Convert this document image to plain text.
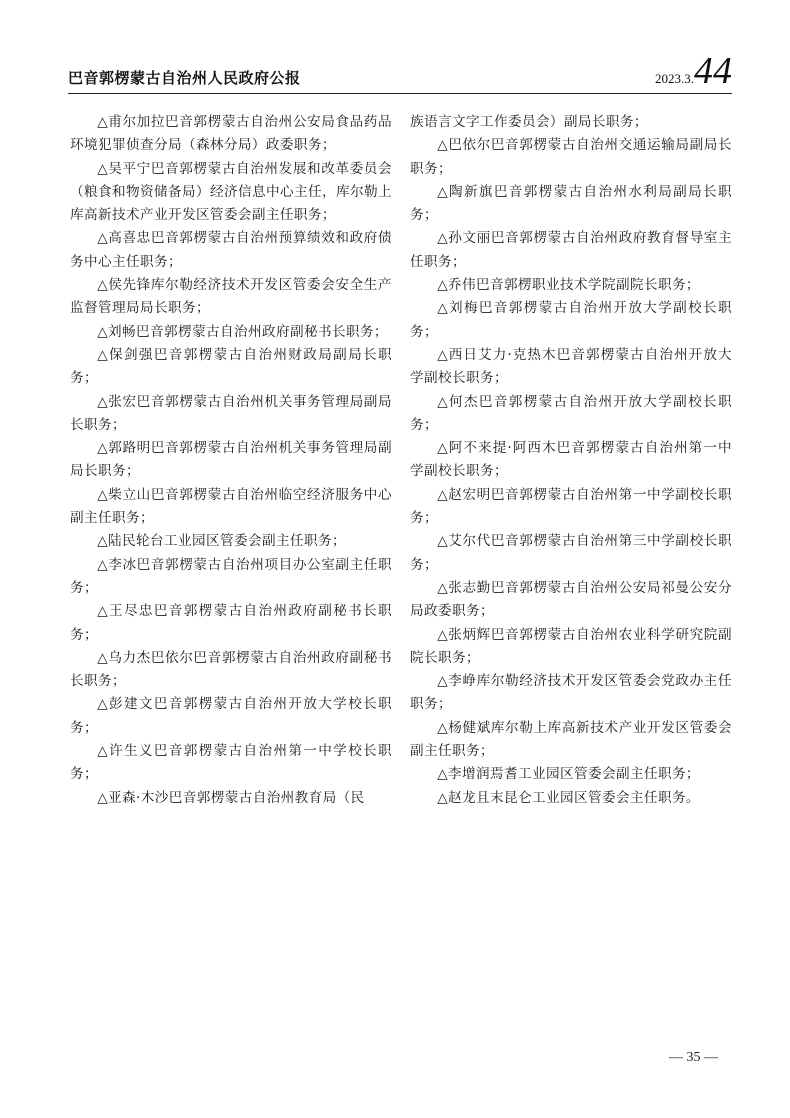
巴音郭楞蒙古自治州人民政府公报	2023.3.44

△甫尔加拉巴音郭楞蒙古自治州公安局食品药品环境犯罪侦查分局（森林分局）政委职务；

△吴平宁巴音郭楞蒙古自治州发展和改革委员会（粮食和物资储备局）经济信息中心主任，库尔勒上库高新技术产业开发区管委会副主任职务；

△高喜忠巴音郭楞蒙古自治州预算绩效和政府债务中心主任职务；

△侯先锋库尔勒经济技术开发区管委会安全生产监督管理局局长职务；

△刘畅巴音郭楞蒙古自治州政府副秘书长职务；

△保剑强巴音郭楞蒙古自治州财政局副局长职务；

△张宏巴音郭楞蒙古自治州机关事务管理局副局长职务；

△郭路明巴音郭楞蒙古自治州机关事务管理局副局长职务；

△柴立山巴音郭楞蒙古自治州临空经济服务中心副主任职务；

△陆民轮台工业园区管委会副主任职务；

△李冰巴音郭楞蒙古自治州项目办公室副主任职务；

△王尽忠巴音郭楞蒙古自治州政府副秘书长职务；

△乌力杰巴依尔巴音郭楞蒙古自治州政府副秘书长职务；

△彭建文巴音郭楞蒙古自治州开放大学校长职务；

△许生义巴音郭楞蒙古自治州第一中学校长职务；

△亚森·木沙巴音郭楞蒙古自治州教育局（民

族语言文字工作委员会）副局长职务；

△巴依尔巴音郭楞蒙古自治州交通运输局副局长职务；

△陶新旗巴音郭楞蒙古自治州水利局副局长职务；

△孙文丽巴音郭楞蒙古自治州政府教育督导室主任职务；

△乔伟巴音郭楞职业技术学院副院长职务；

△刘梅巴音郭楞蒙古自治州开放大学副校长职务；

△西日艾力·克热木巴音郭楞蒙古自治州开放大学副校长职务；

△何杰巴音郭楞蒙古自治州开放大学副校长职务；

△阿不来提·阿西木巴音郭楞蒙古自治州第一中学副校长职务；

△赵宏明巴音郭楞蒙古自治州第一中学副校长职务；

△艾尔代巴音郭楞蒙古自治州第三中学副校长职务；

△张志勤巴音郭楞蒙古自治州公安局祁曼公安分局政委职务；

△张炳辉巴音郭楞蒙古自治州农业科学研究院副院长职务；

△李峥库尔勒经济技术开发区管委会党政办主任职务；

△杨健斌库尔勒上库高新技术产业开发区管委会副主任职务；

△李增润焉耆工业园区管委会副主任职务；

△赵龙且末昆仑工业园区管委会主任职务。

— 35 —
